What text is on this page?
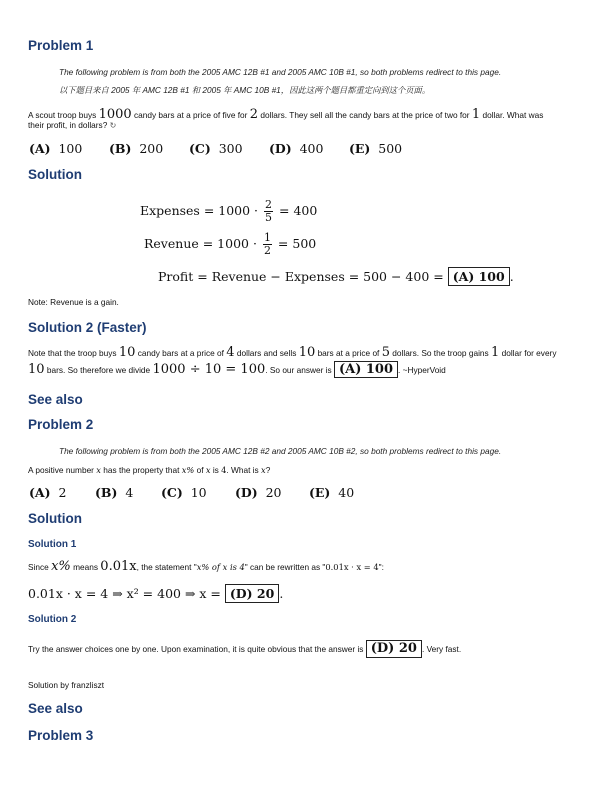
Problem 1
The following problem is from both the 2005 AMC 12B #1 and 2005 AMC 10B #1, so both problems redirect to this page.
以下题目来自 2005 年 AMC 12B #1 和 2005 年 AMC 10B #1，因此这两个题目都重定向到这个页面。
A scout troop buys 1000 candy bars at a price of five for 2 dollars. They sell all the candy bars at the price of two for 1 dollar. What was
their profit, in dollars? ↻
(A) 100 (B) 200 (C) 300 (D) 400 (E) 500
Solution
Expenses = $1000 \cdot \frac{2}{5} = 400$
Revenue = $1000 \cdot \frac{1}{2} = 500$
Profit = Revenue − Expenses = 500 − 400 = (A) 100 .
Note: Revenue is a gain.
Solution 2 (Faster)
Note that the troop buys 10 candy bars at a price of 4 dollars and sells 10 bars at a price of 5 dollars. So the troop gains 1 dollar for every
10 bars. So therefore we divide 1000 ÷ 10 = 100. So our answer is (A) 100 . ~HyperVoid
See also
Problem 2
The following problem is from both the 2005 AMC 12B #2 and 2005 AMC 10B #2, so both problems redirect to this page.
A positive number x has the property that x% of x is 4. What is x?
(A) 2 (B) 4 (C) 10 (D) 20 (E) 40
Solution
Solution 1
Since x% means 0.01x, the statement "x% of x is 4" can be rewritten as "0.01x · x = 4":
0.01x · x = 4 ⇒ x² = 400 ⇒ x = (D) 20 .
Solution 2
Try the answer choices one by one. Upon examination, it is quite obvious that the answer is (D) 20 . Very fast.
Solution by franzliszt
See also
Problem 3
